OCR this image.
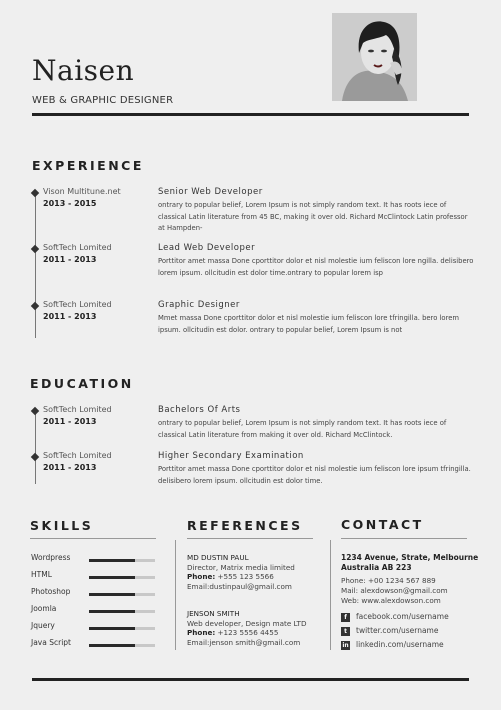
Naisen
WEB & GRAPHIC DESIGNER
EXPERIENCE
Vison Multitune.net
2013 - 2015
Senior Web Developer
ontrary to popular belief, Lorem Ipsum is not simply random text. It has roots iece of classical Latin literature from 45 BC, making it over old. Richard McClintock Latin professor at Hampden-
SoftTech Lomited
2011 - 2013
Lead Web Developer
Porttitor amet massa Done cporttitor dolor et nisl molestie ium feliscon lore ngilla. delisibero lorem ipsum. ollcitudin est dolor time.ontrary to popular lorem isp
SoftTech Lomited
2011 - 2013
Graphic Designer
Mmet massa Done cporttitor dolor et nisl molestie ium feliscon lore tfringilla. bero lorem ipsum. ollcitudin est dolor. ontrary to popular belief, Lorem Ipsum is not
EDUCATION
SoftTech Lomited
2011 - 2013
Bachelors Of Arts
ontrary to popular belief, Lorem Ipsum is not simply random text. It has roots iece of classical Latin literature from making it over old. Richard McClintock.
SoftTech Lomited
2011 - 2013
Higher Secondary Examination
Porttitor amet massa Done cporttitor dolor et nisl molestie ium feliscon lore ipsum tfringilla. delisibero lorem ipsum. ollcitudin est dolor time.
SKILLS
Wordpress
HTML
Photoshop
Joomla
Jquery
Java Script
REFERENCES
MD DUSTIN PAUL
Director, Matrix media limited
Phone: +555 123 5566
Email:dustinpaul@gmail.com
JENSON SMITH
Web developer, Design mate LTD
Phone: +123 5556 4455
Email:jenson smith@gmail.com
CONTACT
1234 Avenue, Strate, Melbourne
Australia AB 223
Phone: +00 1234 567 889
Mail: alexdowson@gmail.com
Web: www.alexdowson.com
f facebook.com/username
t twitter.com/username
in linkedin.com/username
